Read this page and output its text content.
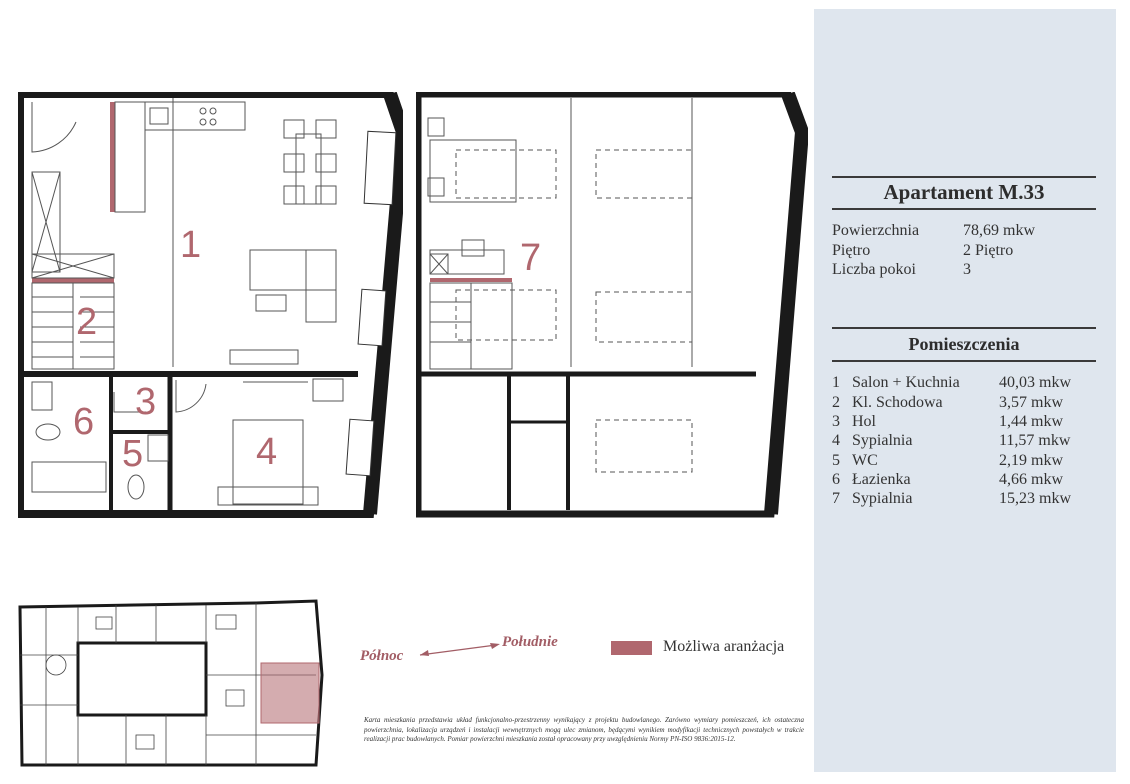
1
2
3
4
5
6
7
Apartament M.33
Powierzchnia	78,69 mkw
Piętro	2 Piętro
Liczba pokoi	3
Pomieszczenia
1 Salon + Kuchnia 40,03 mkw
2 Kl. Schodowa	3,57 mkw
3 Hol	1,44 mkw
4 Sypialnia	11,57 mkw
5 WC	2,19 mkw
6 Łazienka	4,66 mkw
7 Sypialnia	15,23 mkw
Północ
Południe	Możliwa aranżacja
Karta mieszkania przedstawia układ funkcjonalno-przestrzenny wynikający z projektu budowlanego. Zarówno wymiary pomieszczeń, ich ostateczna powierzchnia, lokalizacja urządzeń i instalacji wewnętrznych mogą ulec zmianom, będącymi wynikiem modyfikacji technicznych powstałych w trakcie realizacji prac budowlanych. Pomiar powierzchni mieszkania został opracowany przy uwzględnieniu Normy PN-ISO 9836:2015-12.
